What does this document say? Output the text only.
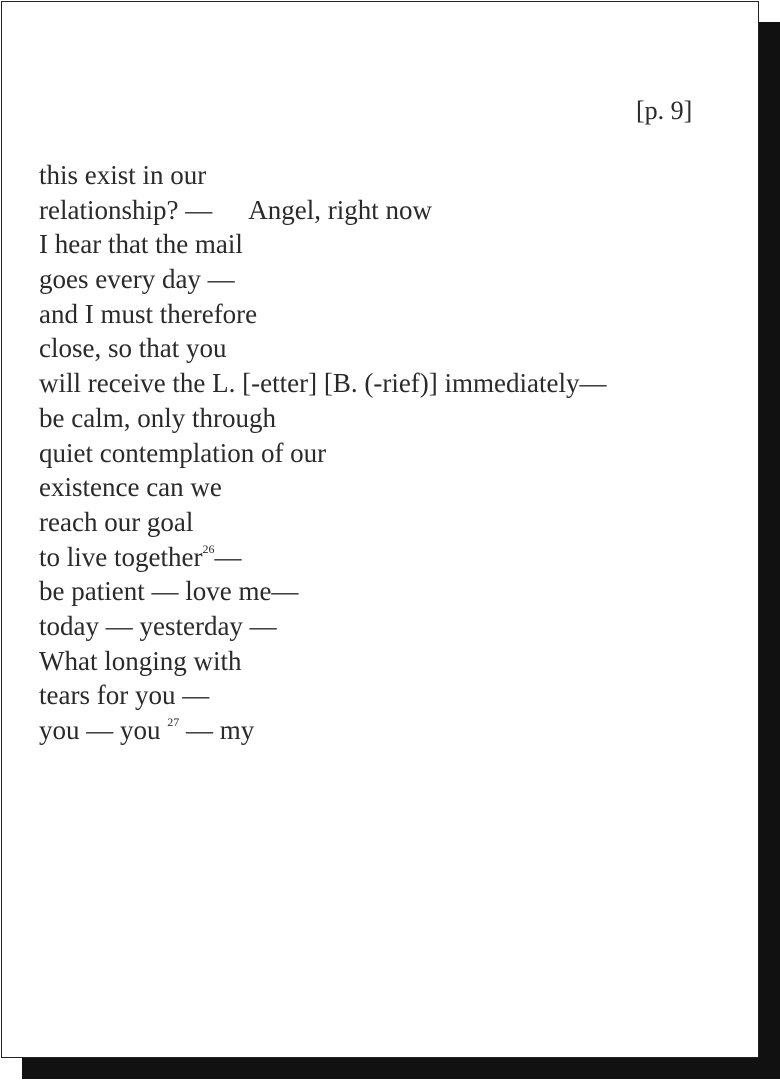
[p. 9]
this exist in our
relationship? — Angel, right now
I hear that the mail
goes every day —
and I must therefore
close, so that you
will receive the L. [-etter] [B. (-rief)] immediately—
be calm, only through
quiet contemplation of our
existence can we
reach our goal
to live together$^{26}$—
be patient — love me—
today — yesterday —
What longing with
tears for you —
you — you $^{27}$ — my
